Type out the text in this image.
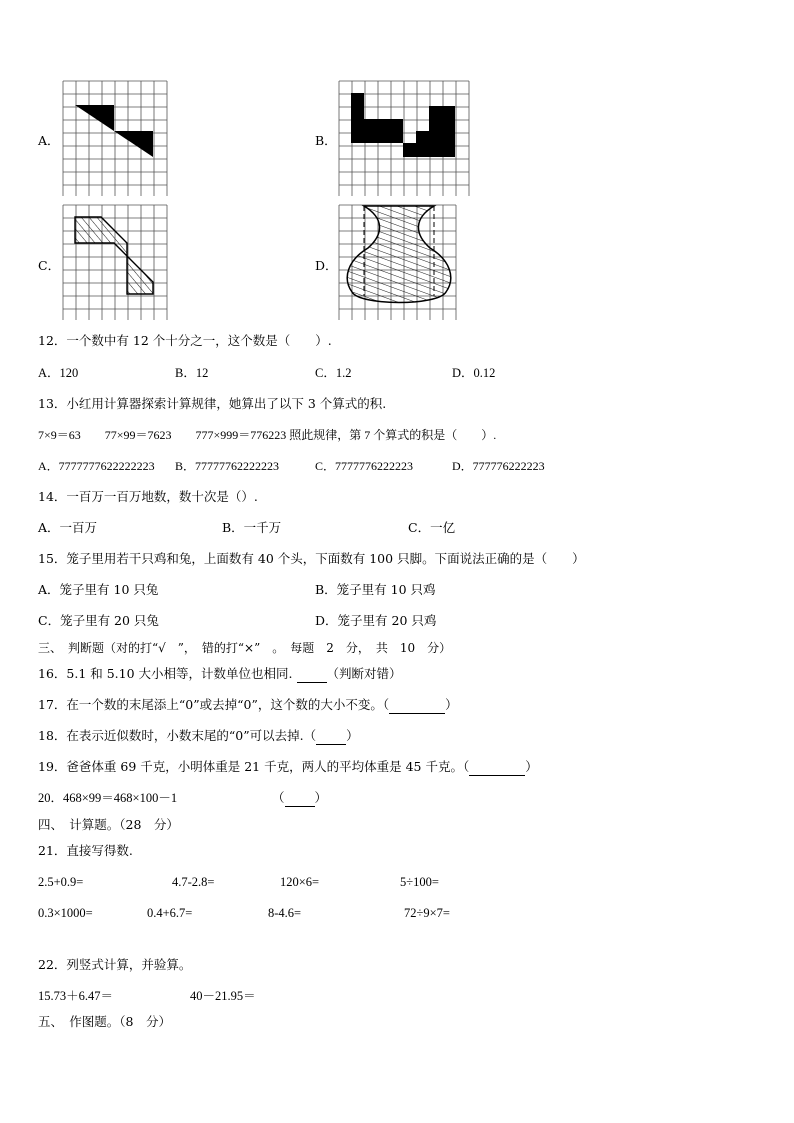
A．	B．
C．	D．
12．一个数中有 12 个十分之一，这个数是（　　）.
A．120	B．12	C．1.2	D．0.12
13．小红用计算器探索计算规律，她算出了以下 3 个算式的积.
7×9＝63　　77×99＝7623　　777×999＝776223 照此规律，第 7 个算式的积是（　　）.
A．7777777622222223 B．77777762222223	C．7777776222223	D．777776222223
14．一百万一百万地数，数十次是（）.
A．一百万	B．一千万	C．一亿
15．笼子里用若干只鸡和兔，上面数有 40 个头，下面数有 100 只脚。下面说法正确的是（　　）
A．笼子里有 10 只兔	B．笼子里有 10 只鸡
C．笼子里有 20 只兔	D．笼子里有 20 只鸡
三、　判断题（对的打“√　”，　错的打“×”　。　每题　2　分，　共　10　分）
16．5.1 和 5.10 大小相等，计数单位也相同.	（判断对错）
17．在一个数的末尾添上“0”或去掉“0”，这个数的大小不变。（	）
18．在表示近似数时，小数末尾的“0”可以去掉.（ ）
19．爸爸体重 69 千克，小明体重是 21 千克，两人的平均体重是 45 千克。（	）
20．468×99＝468×100－1	（ ）
四、　计算题。（28　分）
21．直接写得数.
2.5+0.9=	4.7-2.8=	120×6=	5÷100=
0.3×1000=	0.4+6.7=	8-4.6=	72÷9×7=
22．列竖式计算，并验算。
15.73＋6.47＝	40－21.95＝
五、　作图题。（8　分）
